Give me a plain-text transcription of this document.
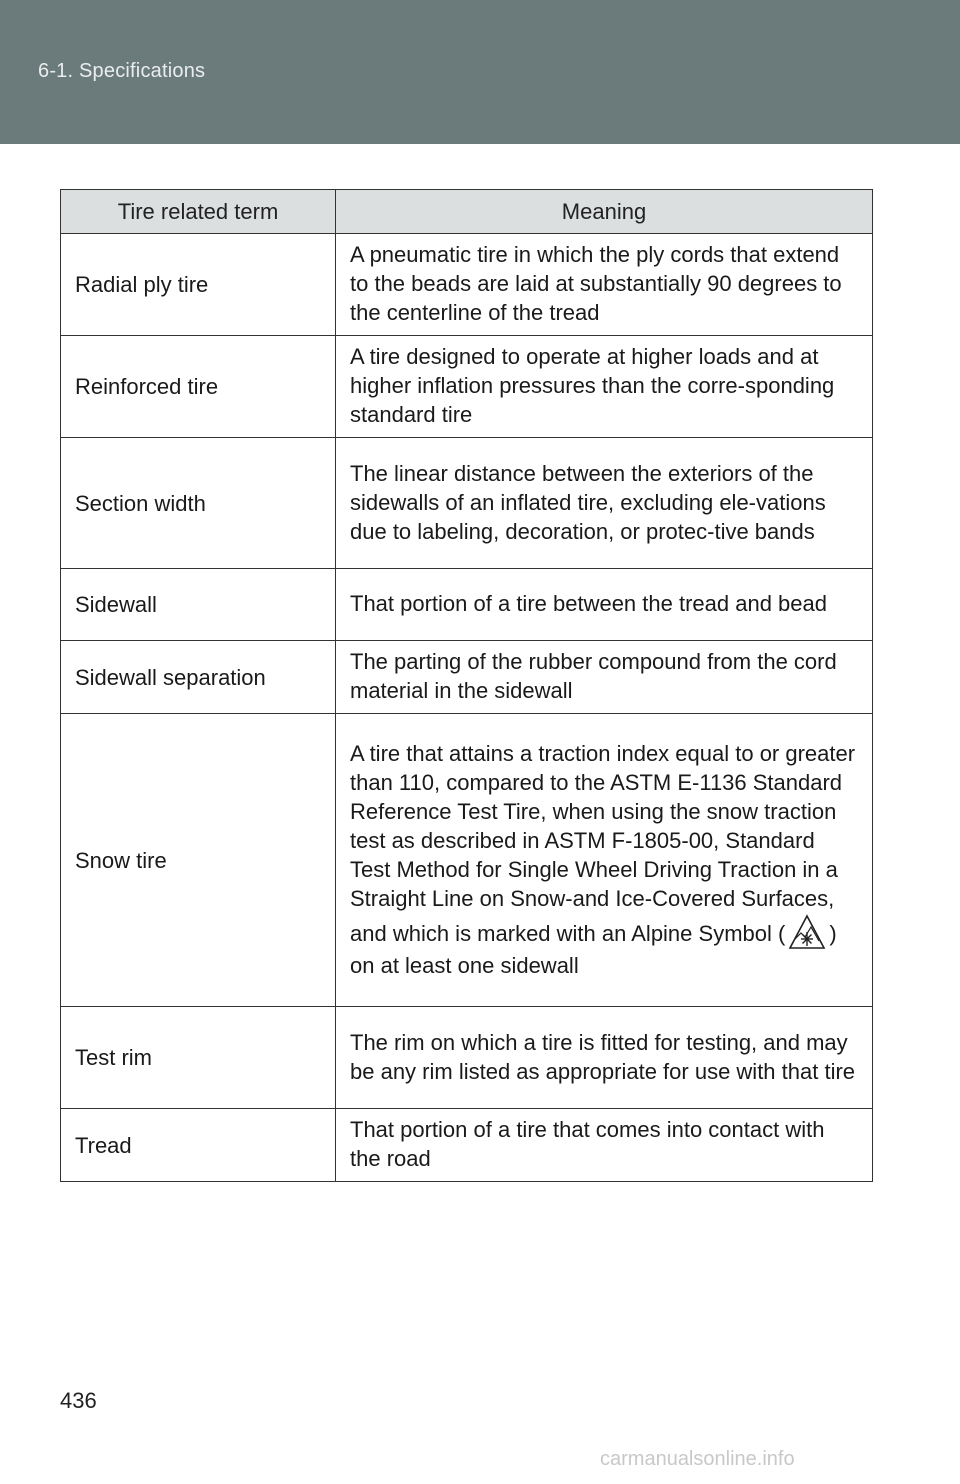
6-1. Specifications
Tire related term	Meaning
Radial ply tire	A pneumatic tire in which the ply cords that extend to the beads are laid at substantially 90 degrees to the centerline of the tread
Reinforced tire	A tire designed to operate at higher loads and at higher inflation pressures than the corre-sponding standard tire
Section width	The linear distance between the exteriors of the sidewalls of an inflated tire, excluding ele-vations due to labeling, decoration, or protec-tive bands
Sidewall	That portion of a tire between the tread and bead
Sidewall separation	The parting of the rubber compound from the cord material in the sidewall
Snow tire	A tire that attains a traction index equal to or greater than 110, compared to the ASTM E-1136 Standard Reference Test Tire, when using the snow traction test as described in ASTM F-1805-00, Standard Test Method for Single Wheel Driving Traction in a Straight Line on Snow-and Ice-Covered Surfaces, and which is marked with an Alpine Symbol ( ) on at least one sidewall
Test rim	The rim on which a tire is fitted for testing, and may be any rim listed as appropriate for use with that tire
Tread	That portion of a tire that comes into contact with the road
436
carmanualsonline.info
